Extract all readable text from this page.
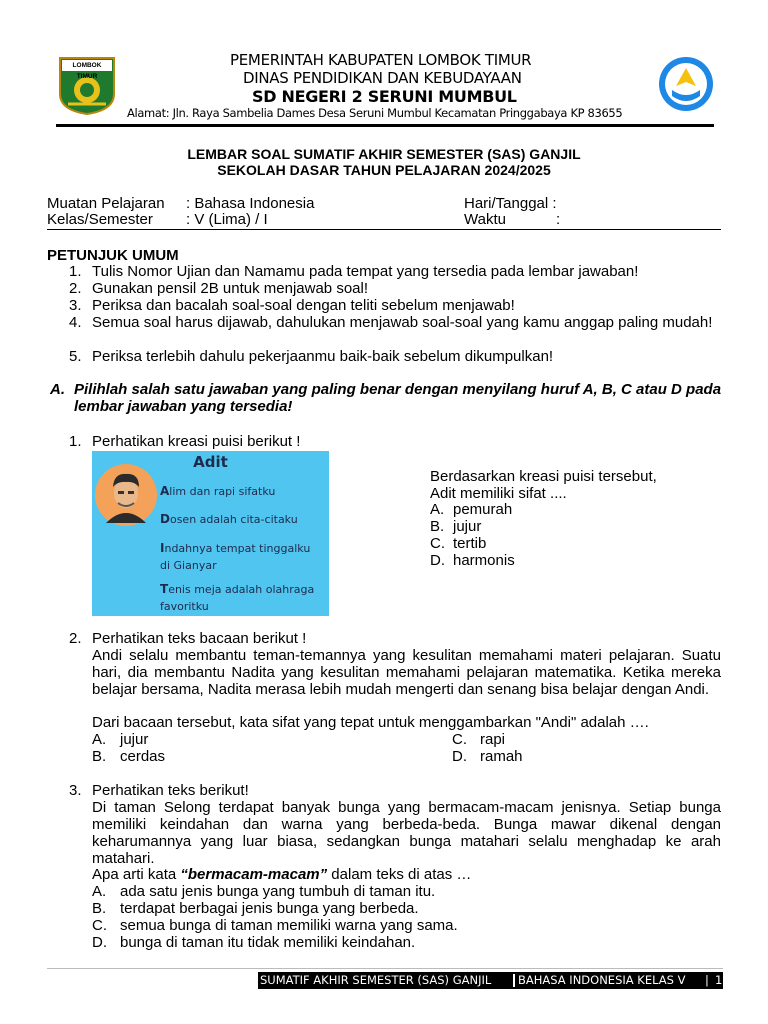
LOMBOK TIMUR
PEMERINTAH KABUPATEN LOMBOK TIMUR
DINAS PENDIDIKAN DAN KEBUDAYAAN
SD NEGERI 2 SERUNI MUMBUL
Alamat: Jln. Raya Sambelia Dames Desa Seruni Mumbul Kecamatan Pringgabaya KP 83655
LEMBAR SOAL SUMATIF AKHIR SEMESTER (SAS) GANJIL
SEKOLAH DASAR TAHUN PELAJARAN 2024/2025
Muatan Pelajaran : Bahasa Indonesia
Kelas/Semester : V (Lima) / I
Hari/Tanggal :
Waktu	:
PETUNJUK UMUM
1. Tulis Nomor Ujian dan Namamu pada tempat yang tersedia pada lembar jawaban!
2. Gunakan pensil 2B untuk menjawab soal!
3. Periksa dan bacalah soal-soal dengan teliti sebelum menjawab!
4. Semua soal harus dijawab, dahulukan menjawab soal-soal yang kamu anggap paling mudah!
5. Periksa terlebih dahulu pekerjaanmu baik-baik sebelum dikumpulkan!
A. Pilihlah salah satu jawaban yang paling benar dengan menyilang huruf A, B, C atau D pada lembar jawaban yang tersedia!
1. Perhatikan kreasi puisi berikut !
Adit
Alim dan rapi sifatku
Dosen adalah cita-citaku
Indahnya tempat tinggalku
di Gianyar
Tenis meja adalah olahraga
favoritku
Berdasarkan kreasi puisi tersebut, Adit memiliki sifat ....
A. pemurah
B. jujur
C. tertib
D. harmonis
2. Perhatikan teks bacaan berikut !
Andi selalu membantu teman-temannya yang kesulitan memahami materi pelajaran. Suatu hari, dia membantu Nadita yang kesulitan memahami pelajaran matematika. Ketika mereka belajar bersama, Nadita merasa lebih mudah mengerti dan senang bisa belajar dengan Andi.
Dari bacaan tersebut, kata sifat yang tepat untuk menggambarkan "Andi" adalah ….
A. jujur
B. cerdas
C. rapi
D. ramah
3. Perhatikan teks berikut!
Di taman Selong terdapat banyak bunga yang bermacam-macam jenisnya. Setiap bunga memiliki keindahan dan warna yang berbeda-beda. Bunga mawar dikenal dengan keharumannya yang luar biasa, sedangkan bunga matahari selalu menghadap ke arah matahari.
Apa arti kata “bermacam-macam” dalam teks di atas …
A. ada satu jenis bunga yang tumbuh di taman itu.
B. terdapat berbagai jenis bunga yang berbeda.
C. semua bunga di taman memiliki warna yang sama.
D. bunga di taman itu tidak memiliki keindahan.
SUMATIF AKHIR SEMESTER (SAS) GANJIL BAHASA INDONESIA KELAS V | 1
